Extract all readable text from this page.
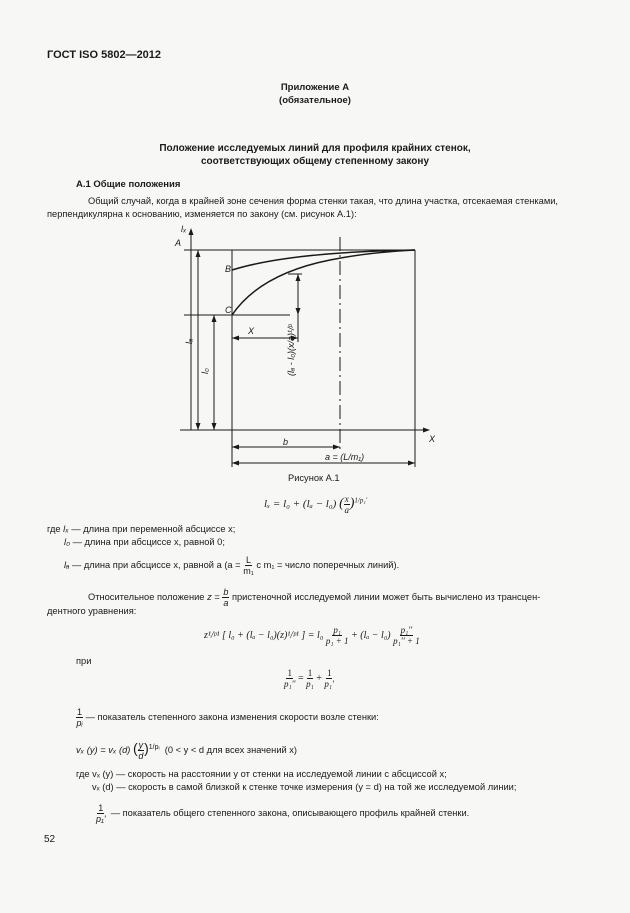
ГОСТ ISO 5802—2012
Приложение А
(обязательное)
Положение исследуемых линий для профиля крайних стенок,
соответствующих общему степенному закону
А.1 Общие положения
Общий случай, когда в крайней зоне сечения форма стенки такая, что длина участка, отсекаемая стенками,
перпендикулярна к основанию, изменяется по закону (см. рисунок А.1):
lₓ
A
B
C
X
X
b
a = (L/m₁)
lₐ
l₀	(lₐ - l₀)(x/a)¹/ᵖ
Рисунок А.1
lₓ = l₀ + (lₐ − l₀) ( $\frac{x}{a} )^{1/p_1'}$
где lₓ — длина при переменной абсциссе x;
l₀ — длина при абсциссе x, равной 0;
lₐ — длина при абсциссе x, равной a ($a = \frac{L}{\text{m₁}}$ с m₁ = число поперечных линий).
Относительное положение $z = \frac{b}{a}$ пристеночной исследуемой линии может быть вычислено из трансцен-
дентного уравнения:
z¹/ᵖ¹ [ l₀ + (lₐ − l₀)(z)¹/ᵖ¹ ] = $l_0 \frac{\text{p₁}}{\text{p₁ + 1}} + (l_a - l_0) \frac{\text{p₁''}}{\text{p₁'' + 1}}$
при
$\frac{1}{\text{p₁''}} = \frac{1}{\text{p₁}} + \frac{1}{\text{p₁'}}$
$\frac{1}{\text{pᵢ}}$ — показатель степенного закона изменения скорости возле стенки:
vₓ (y) = vₓ (d) ( $\frac{y}{d} )^{1/pᵢ}$ (0 < y < d для всех значений x)
где vₓ (y) — скорость на расстоянии y от стенки на исследуемой линии с абсциссой x;
vₓ (d) — скорость в самой близкой к стенке точке измерения (y = d) на той же исследуемой линии;
$\frac{1}{\text{p₁'}}$ — показатель общего степенного закона, описывающего профиль крайней стенки.
52
